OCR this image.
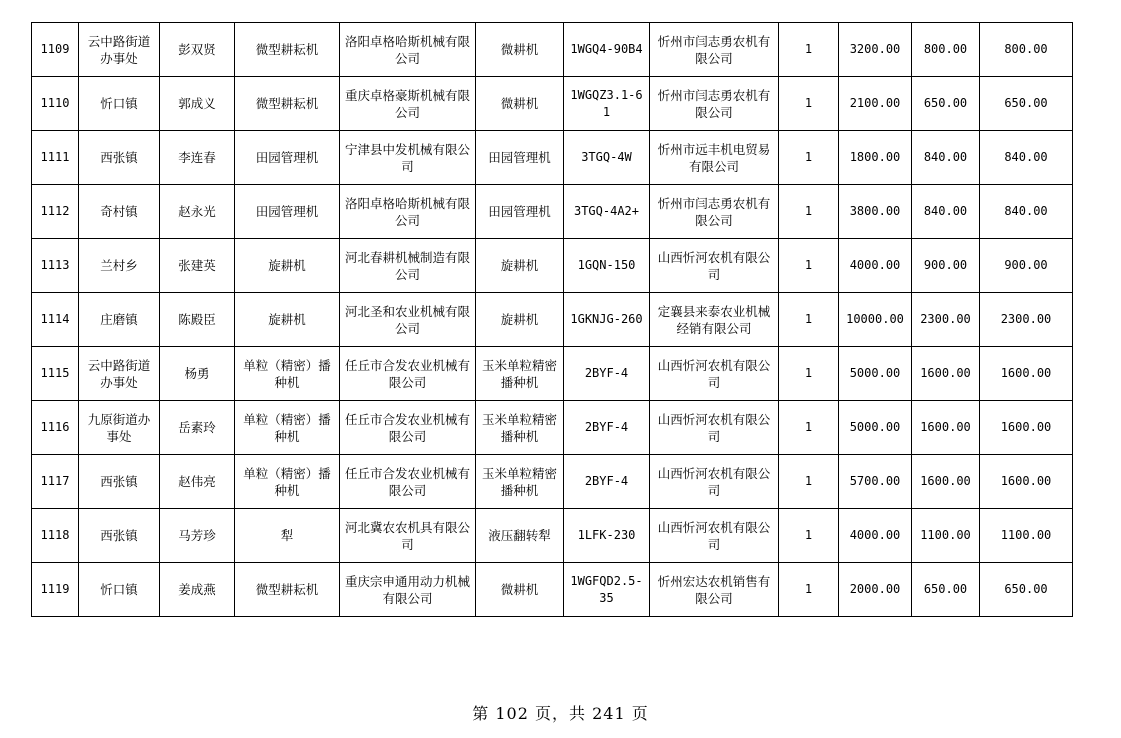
1109	云中路街道办事处	彭双贤	微型耕耘机	洛阳卓格哈斯机械有限公司	微耕机	1WGQ4-90B4	忻州市闫志勇农机有限公司	1	3200.00	800.00	800.00
1110	忻口镇	郭成义	微型耕耘机	重庆卓格豪斯机械有限公司	微耕机	1WGQZ3.1-61	忻州市闫志勇农机有限公司	1	2100.00	650.00	650.00
1111	西张镇	李连春	田园管理机	宁津县中发机械有限公司	田园管理机	3TGQ-4W	忻州市远丰机电贸易有限公司	1	1800.00	840.00	840.00
1112	奇村镇	赵永光	田园管理机	洛阳卓格哈斯机械有限公司	田园管理机	3TGQ-4A2+	忻州市闫志勇农机有限公司	1	3800.00	840.00	840.00
1113	兰村乡	张建英	旋耕机	河北春耕机械制造有限公司	旋耕机	1GQN-150	山西忻河农机有限公司	1	4000.00	900.00	900.00
1114	庄磨镇	陈殿臣	旋耕机	河北圣和农业机械有限公司	旋耕机	1GKNJG-260	定襄县来泰农业机械经销有限公司	1	10000.00	2300.00	2300.00
1115	云中路街道办事处	杨勇	单粒（精密）播种机	任丘市合发农业机械有限公司	玉米单粒精密播种机	2BYF-4	山西忻河农机有限公司	1	5000.00	1600.00	1600.00
1116	九原街道办事处	岳素玲	单粒（精密）播种机	任丘市合发农业机械有限公司	玉米单粒精密播种机	2BYF-4	山西忻河农机有限公司	1	5000.00	1600.00	1600.00
1117	西张镇	赵伟亮	单粒（精密）播种机	任丘市合发农业机械有限公司	玉米单粒精密播种机	2BYF-4	山西忻河农机有限公司	1	5700.00	1600.00	1600.00
1118	西张镇	马芳珍	犁	河北冀农农机具有限公司	液压翻转犁	1LFK-230	山西忻河农机有限公司	1	4000.00	1100.00	1100.00
1119	忻口镇	姜成燕	微型耕耘机	重庆宗申通用动力机械有限公司	微耕机	1WGFQD2.5-35	忻州宏达农机销售有限公司	1	2000.00	650.00	650.00
第 102 页，共 241 页
